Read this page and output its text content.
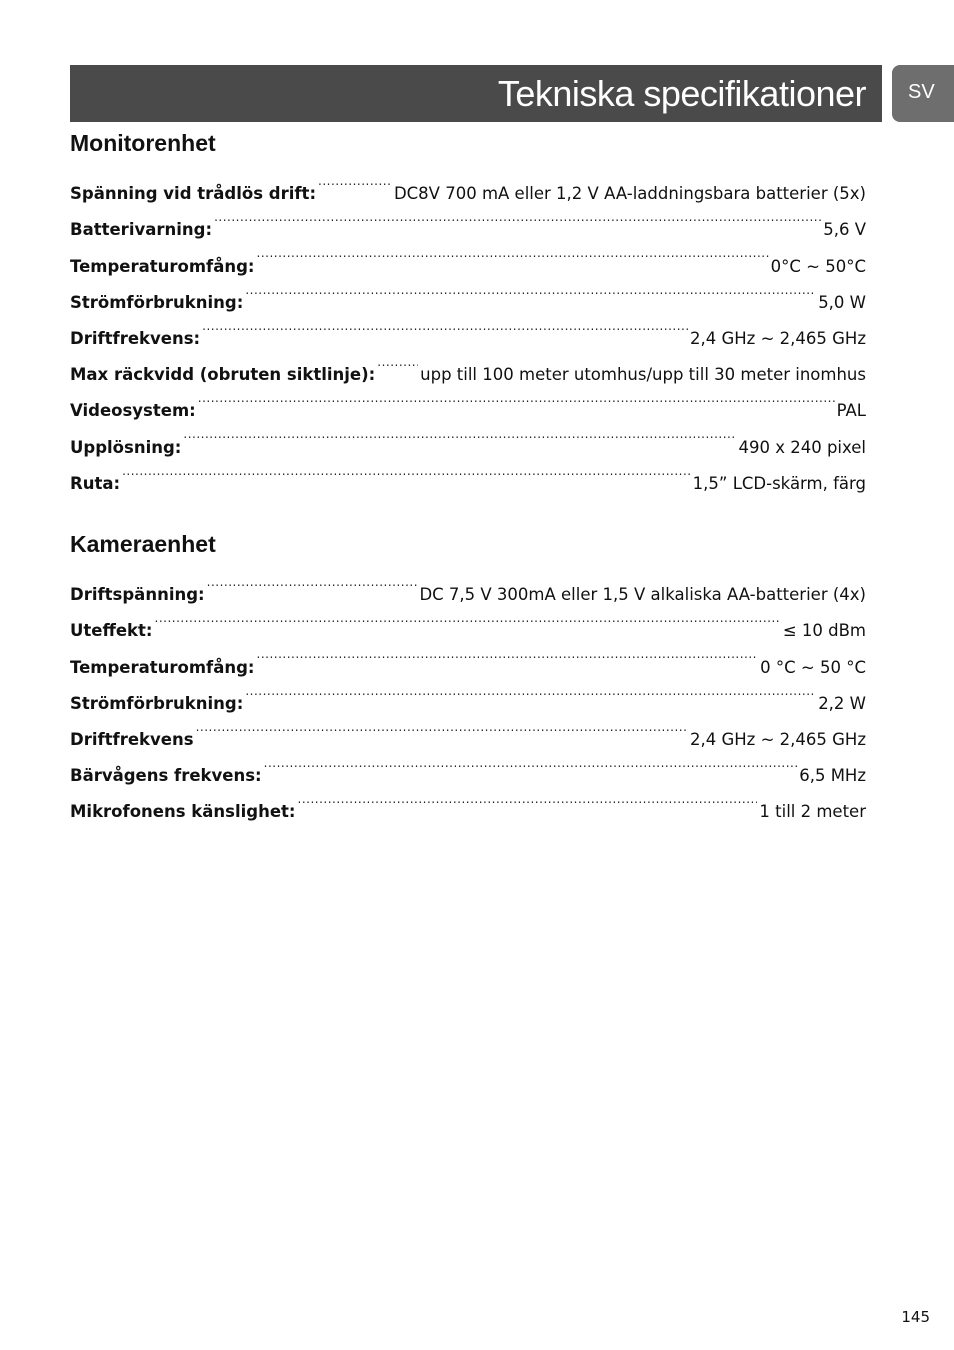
Tekniska specifikationer SV
Monitorenhet
Spänning vid trådlös drift: .....	DC8V 700 mA eller 1,2 V AA-laddningsbara batterier (5x)
Batterivarning: .....	5,6 V
Temperaturomfång: .....	0°C ~ 50°C
Strömförbrukning: .....	5,0 W
Driftfrekvens: .....	2,4 GHz ~ 2,465 GHz
Max räckvidd (obruten siktlinje): .....	upp till 100 meter utomhus/upp till 30 meter inomhus
Videosystem: .....	PAL
Upplösning: .....	490 x 240 pixel
Ruta: .....	1,5” LCD-skärm, färg
Kameraenhet
Driftspänning: .....	DC 7,5 V 300mA eller 1,5 V alkaliska AA-batterier (4x)
Uteffekt: .....	≤ 10 dBm
Temperaturomfång: .....	0 °C ~ 50 °C
Strömförbrukning: .....	2,2 W
Driftfrekvens .....	2,4 GHz ~ 2,465 GHz
Bärvågens frekvens: .....	6,5 MHz
Mikrofonens känslighet: .....	1 till 2 meter
145
